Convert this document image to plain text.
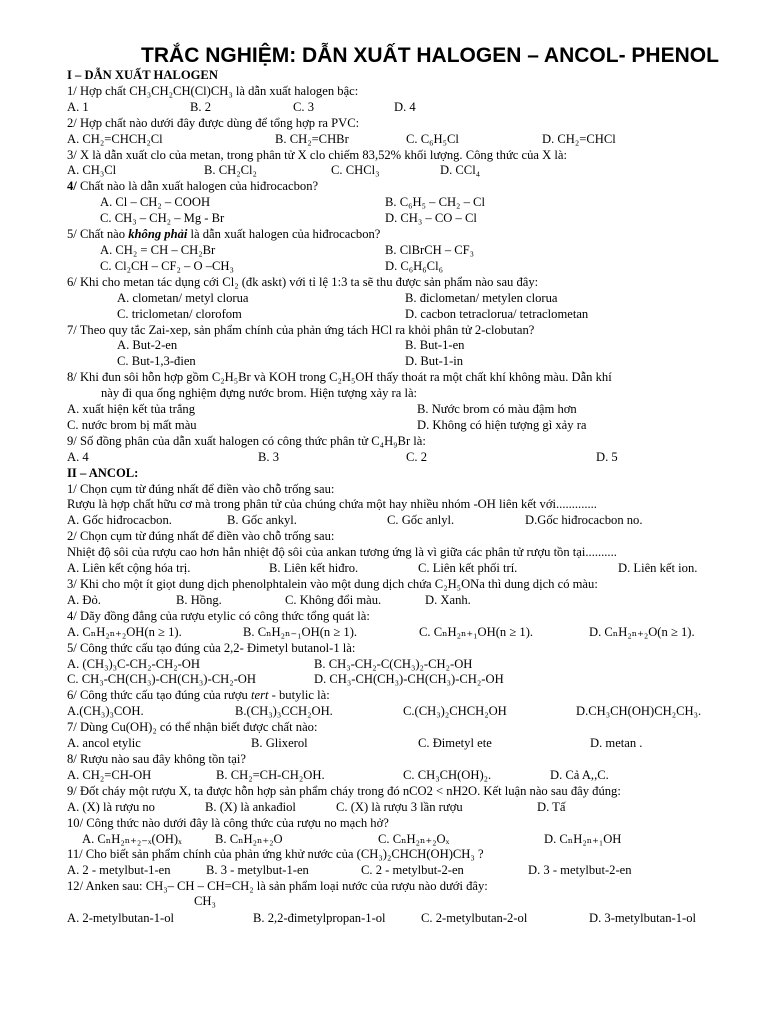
TRẮC NGHIỆM: DẪN XUẤT HALOGEN – ANCOL- PHENOL
I – DẪN XUẤT HALOGEN
1/ Hợp chất CH₃CH₂CH(Cl)CH₃ là dẫn xuất halogen bậc:
A. 1	B. 2	C. 3	D. 4
2/ Hợp chất nào dưới đây được dùng để tổng hợp ra PVC:
A. CH₂=CHCH₂Cl	B. CH₂=CHBr	C. C₆H₅Cl	D. CH₂=CHCl
3/ X là dẫn xuất clo của metan, trong phân tử X clo chiếm 83,52% khối lượng. Công thức của X là:
A. CH₃Cl	B. CH₂Cl₂	C. CHCl₃	D. CCl₄
4/ Chất nào là dẫn xuất halogen của hiđrocacbon?
A. Cl – CH₂ – COOH	B. C₆H₅ – CH₂ – Cl
C. CH₃ – CH₂ – Mg - Br	D. CH₃ – CO – Cl
5/ Chất nào không phải là dẫn xuất halogen của hiđrocacbon?
A. CH₂ = CH – CH₂Br	B. ClBrCH – CF₃
C. Cl₂CH – CF₂ – O –CH₃	D. C₆H₆Cl₆
6/ Khi cho metan tác dụng cới Cl₂ (đk askt) với tỉ lệ 1:3 ta sẽ thu được sản phẩm nào sau đây:
A. clometan/ metyl clorua	B. điclometan/ metylen clorua
C. triclometan/ clorofom	D. cacbon tetraclorua/ tetraclometan
7/ Theo quy tắc Zai-xep, sản phẩm chính của phản ứng tách HCl ra khỏi phân tử 2-clobutan?
A. But-2-en	B. But-1-en
C. But-1,3-đien	D. But-1-in
8/ Khi đun sôi hỗn hợp gồm C₂H₅Br và KOH trong C₂H₅OH thấy thoát ra một chất khí không màu. Dẫn khí
này đi qua ống nghiệm đựng nước brom. Hiện tượng xảy ra là:
A. xuất hiện kết tủa trắng	B. Nước brom có màu đậm hơn
C. nước brom bị mất màu	D. Không có hiện tượng gì xảy ra
9/ Số đồng phân của dẫn xuất halogen có công thức phân tử C₄H₉Br là:
A. 4	B. 3	C. 2	D. 5
II – ANCOL:
1/ Chọn cụm từ đúng nhất để điền vào chỗ trống sau:
Rượu là hợp chất hữu cơ mà trong phân tử của chúng chứa một hay nhiều nhóm -OH liên kết với.............
A. Gốc hiđrocacbon.	B. Gốc ankyl.	C. Gốc anlyl.	D.Gốc hiđrocacbon no.
2/ Chọn cụm từ đúng nhất để điền vào chỗ trống sau:
Nhiệt độ sôi của rượu cao hơn hẳn nhiệt độ sôi của ankan tương ứng là vì giữa các phân tử rượu tồn tại..........
A. Liên kết cộng hóa trị.	B. Liên kết hiđro.	C. Liên kết phối trí.	D. Liên kết ion.
3/ Khi cho một ít giọt dung dịch phenolphtalein vào một dung dịch chứa C₂H₅ONa thì dung dịch có màu:
A. Đỏ.	B. Hồng.	C. Không đổi màu.	D. Xanh.
4/ Dãy đồng đẳng của rượu etylic có công thức tổng quát là:
A. CₙH₂ₙ₊₂OH(n ≥ 1).	B. CₙH₂ₙ₋₁OH(n ≥ 1).	C. CₙH₂ₙ₊₁OH(n ≥ 1).	D. CₙH₂ₙ₊₂O(n ≥ 1).
5/ Công thức cấu tạo đúng của 2,2- Đimetyl butanol-1 là:
A. (CH₃)₃C-CH₂-CH₂-OH	B. CH₃-CH₂-C(CH₃)₂-CH₂-OH
C. CH₃-CH(CH₃)-CH(CH₃)-CH₂-OH	D. CH₃-CH(CH₃)-CH(CH₃)-CH₂-OH
6/ Công thức cấu tạo đúng của rượu tert - butylic là:
A.(CH₃)₃COH.	B.(CH₃)₃CCH₂OH.	C.(CH₃)₂CHCH₂OH	D.CH₃CH(OH)CH₂CH₃.
7/ Dùng Cu(OH)₂ có thể nhận biết được chất nào:
A. ancol etylic	B. Glixerol	C. Đimetyl ete	D. metan .
8/ Rượu nào sau đây không tồn tại?
A. CH₂=CH-OH	B. CH₂=CH-CH₂OH.	C. CH₃CH(OH)₂.	D. Cả A,,C.
9/ Đốt cháy một rượu X, ta được hỗn hợp sản phẩm cháy trong đó nCO2 < nH2O. Kết luận nào sau đây đúng:
A. (X) là rượu no	B. (X) là ankađiol	C. (X) là rượu 3 lần rượu	D. Tấ
10/ Công thức nào dưới đây là công thức của rượu no mạch hở?
A. CₙH₂ₙ₊₂₋ₓ(OH)ₓ	B. CₙH₂ₙ₊₂O	C. CₙH₂ₙ₊₂Oₓ	D. CₙH₂ₙ₊₁OH
11/ Cho biết sản phẩm chính của phản ứng khử nước của (CH₃)₂CHCH(OH)CH₃ ?
A. 2 - metylbut-1-en	B. 3 - metylbut-1-en	C. 2 - metylbut-2-en	D. 3 - metylbut-2-en
12/ Anken sau: CH₃– CH – CH=CH₂ là sản phẩm loại nước của rượu nào dưới đây:
CH₃
A. 2-metylbutan-1-ol	B. 2,2-đimetylpropan-1-ol	C. 2-metylbutan-2-ol	D. 3-metylbutan-1-ol
